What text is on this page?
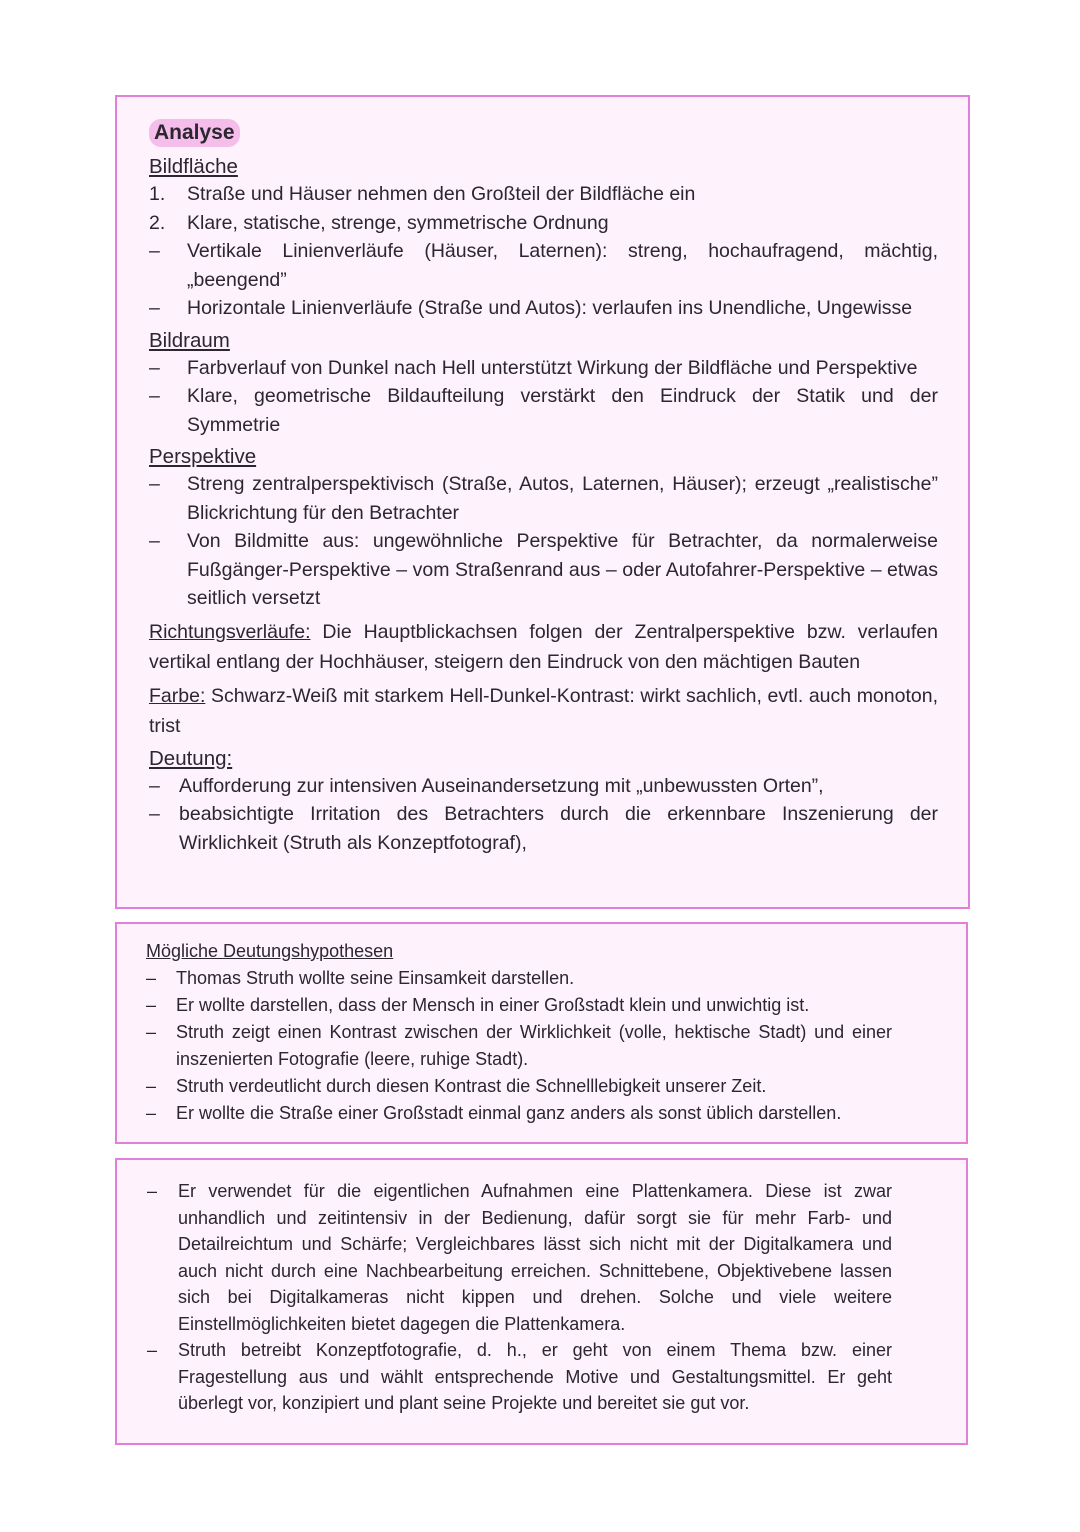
Analyse
Bildfläche
1.	Straße und Häuser nehmen den Großteil der Bildfläche ein
2.	Klare, statische, strenge, symmetrische Ordnung
–	Vertikale Linienverläufe (Häuser, Laternen): streng, hochaufragend, mächtig, „beengend”
–	Horizontale Linienverläufe (Straße und Autos): verlaufen ins Unendliche, Ungewisse
Bildraum
–	Farbverlauf von Dunkel nach Hell unterstützt Wirkung der Bildfläche und Perspektive
–	Klare, geometrische Bildaufteilung verstärkt den Eindruck der Statik und der Symmetrie
Perspektive
–	Streng zentralperspektivisch (Straße, Autos, Laternen, Häuser); erzeugt „realistische” Blickrichtung für den Betrachter
–	Von Bildmitte aus: ungewöhnliche Perspektive für Betrachter, da normalerweise Fußgänger-Perspektive – vom Straßenrand aus – oder Autofahrer-Perspektive – etwas seitlich versetzt
Richtungsverläufe: Die Hauptblickachsen folgen der Zentralperspektive bzw. verlaufen vertikal entlang der Hochhäuser, steigern den Eindruck von den mächtigen Bauten
Farbe: Schwarz-Weiß mit starkem Hell-Dunkel-Kontrast: wirkt sachlich, evtl. auch monoton, trist
Deutung:
– Aufforderung zur intensiven Auseinandersetzung mit „unbewussten Orten”,
– beabsichtigte Irritation des Betrachters durch die erkennbare Inszenierung der Wirklichkeit (Struth als Konzeptfotograf),
Mögliche Deutungshypothesen
–	Thomas Struth wollte seine Einsamkeit darstellen.
–	Er wollte darstellen, dass der Mensch in einer Großstadt klein und unwichtig ist.
–	Struth zeigt einen Kontrast zwischen der Wirklichkeit (volle, hektische Stadt) und einer inszenierten Fotografie (leere, ruhige Stadt).
–	Struth verdeutlicht durch diesen Kontrast die Schnelllebigkeit unserer Zeit.
–	Er wollte die Straße einer Großstadt einmal ganz anders als sonst üblich darstellen.
–	Er verwendet für die eigentlichen Aufnahmen eine Plattenkamera. Diese ist zwar unhandlich und zeitintensiv in der Bedienung, dafür sorgt sie für mehr Farb- und Detailreichtum und Schärfe; Vergleichbares lässt sich nicht mit der Digitalkamera und auch nicht durch eine Nachbearbeitung erreichen. Schnittebene, Objektivebene lassen sich bei Digitalkameras nicht kippen und drehen. Solche und viele weitere Einstellmöglichkeiten bietet dagegen die Plattenkamera.
–	Struth betreibt Konzeptfotografie, d. h., er geht von einem Thema bzw. einer Fragestellung aus und wählt entsprechende Motive und Gestaltungsmittel. Er geht überlegt vor, konzipiert und plant seine Projekte und bereitet sie gut vor.
